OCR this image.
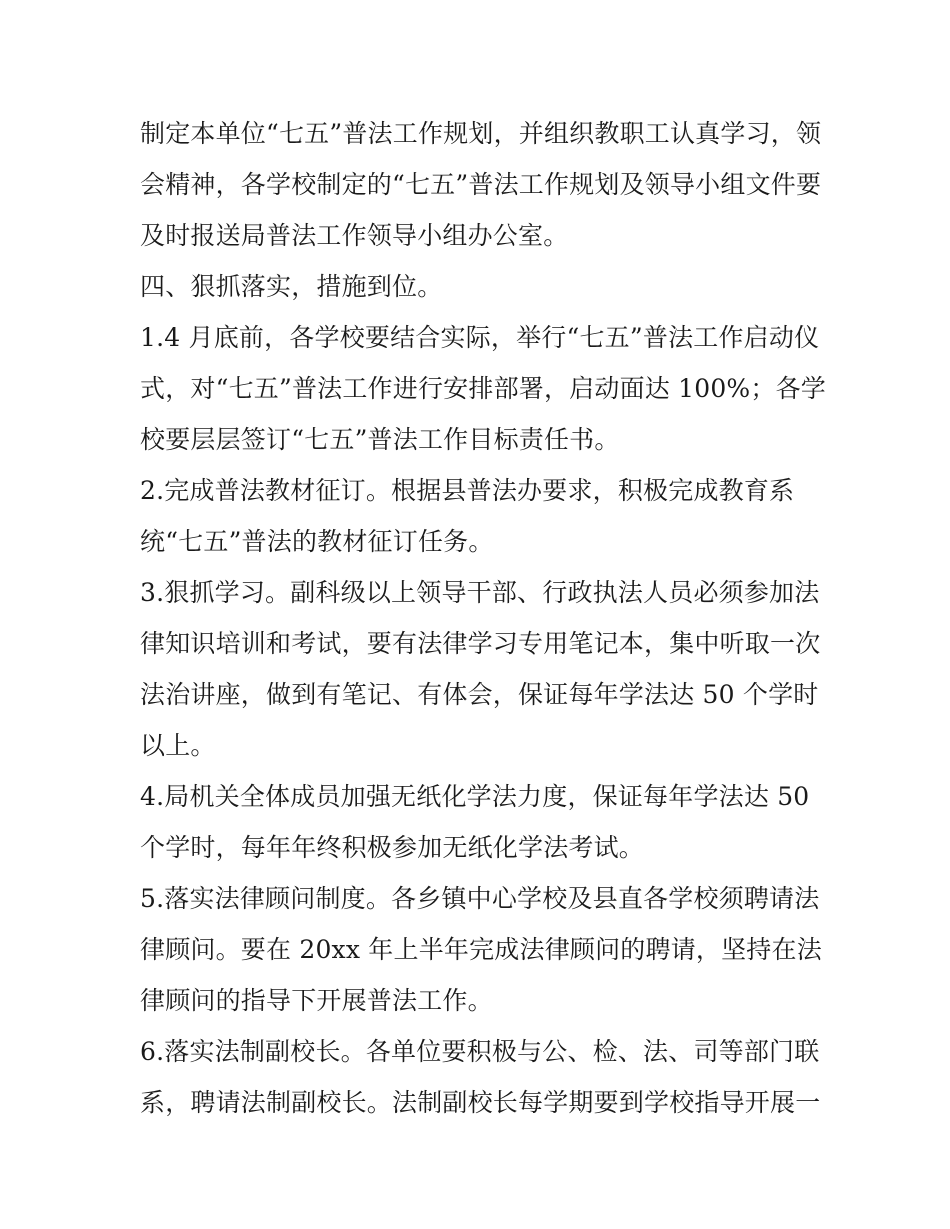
制定本单位“七五”普法工作规划，并组织教职工认真学习，领
会精神，各学校制定的“七五”普法工作规划及领导小组文件要
及时报送局普法工作领导小组办公室。
四、狠抓落实，措施到位。
1.4 月底前，各学校要结合实际，举行“七五”普法工作启动仪
式，对“七五”普法工作进行安排部署，启动面达 100%；各学
校要层层签订“七五”普法工作目标责任书。
2.完成普法教材征订。根据县普法办要求，积极完成教育系
统“七五”普法的教材征订任务。
3.狠抓学习。副科级以上领导干部、行政执法人员必须参加法
律知识培训和考试，要有法律学习专用笔记本，集中听取一次
法治讲座，做到有笔记、有体会，保证每年学法达 50 个学时
以上。
4.局机关全体成员加强无纸化学法力度，保证每年学法达 50
个学时，每年年终积极参加无纸化学法考试。
5.落实法律顾问制度。各乡镇中心学校及县直各学校须聘请法
律顾问。要在 20xx 年上半年完成法律顾问的聘请，坚持在法
律顾问的指导下开展普法工作。
6.落实法制副校长。各单位要积极与公、检、法、司等部门联
系，聘请法制副校长。法制副校长每学期要到学校指导开展一
